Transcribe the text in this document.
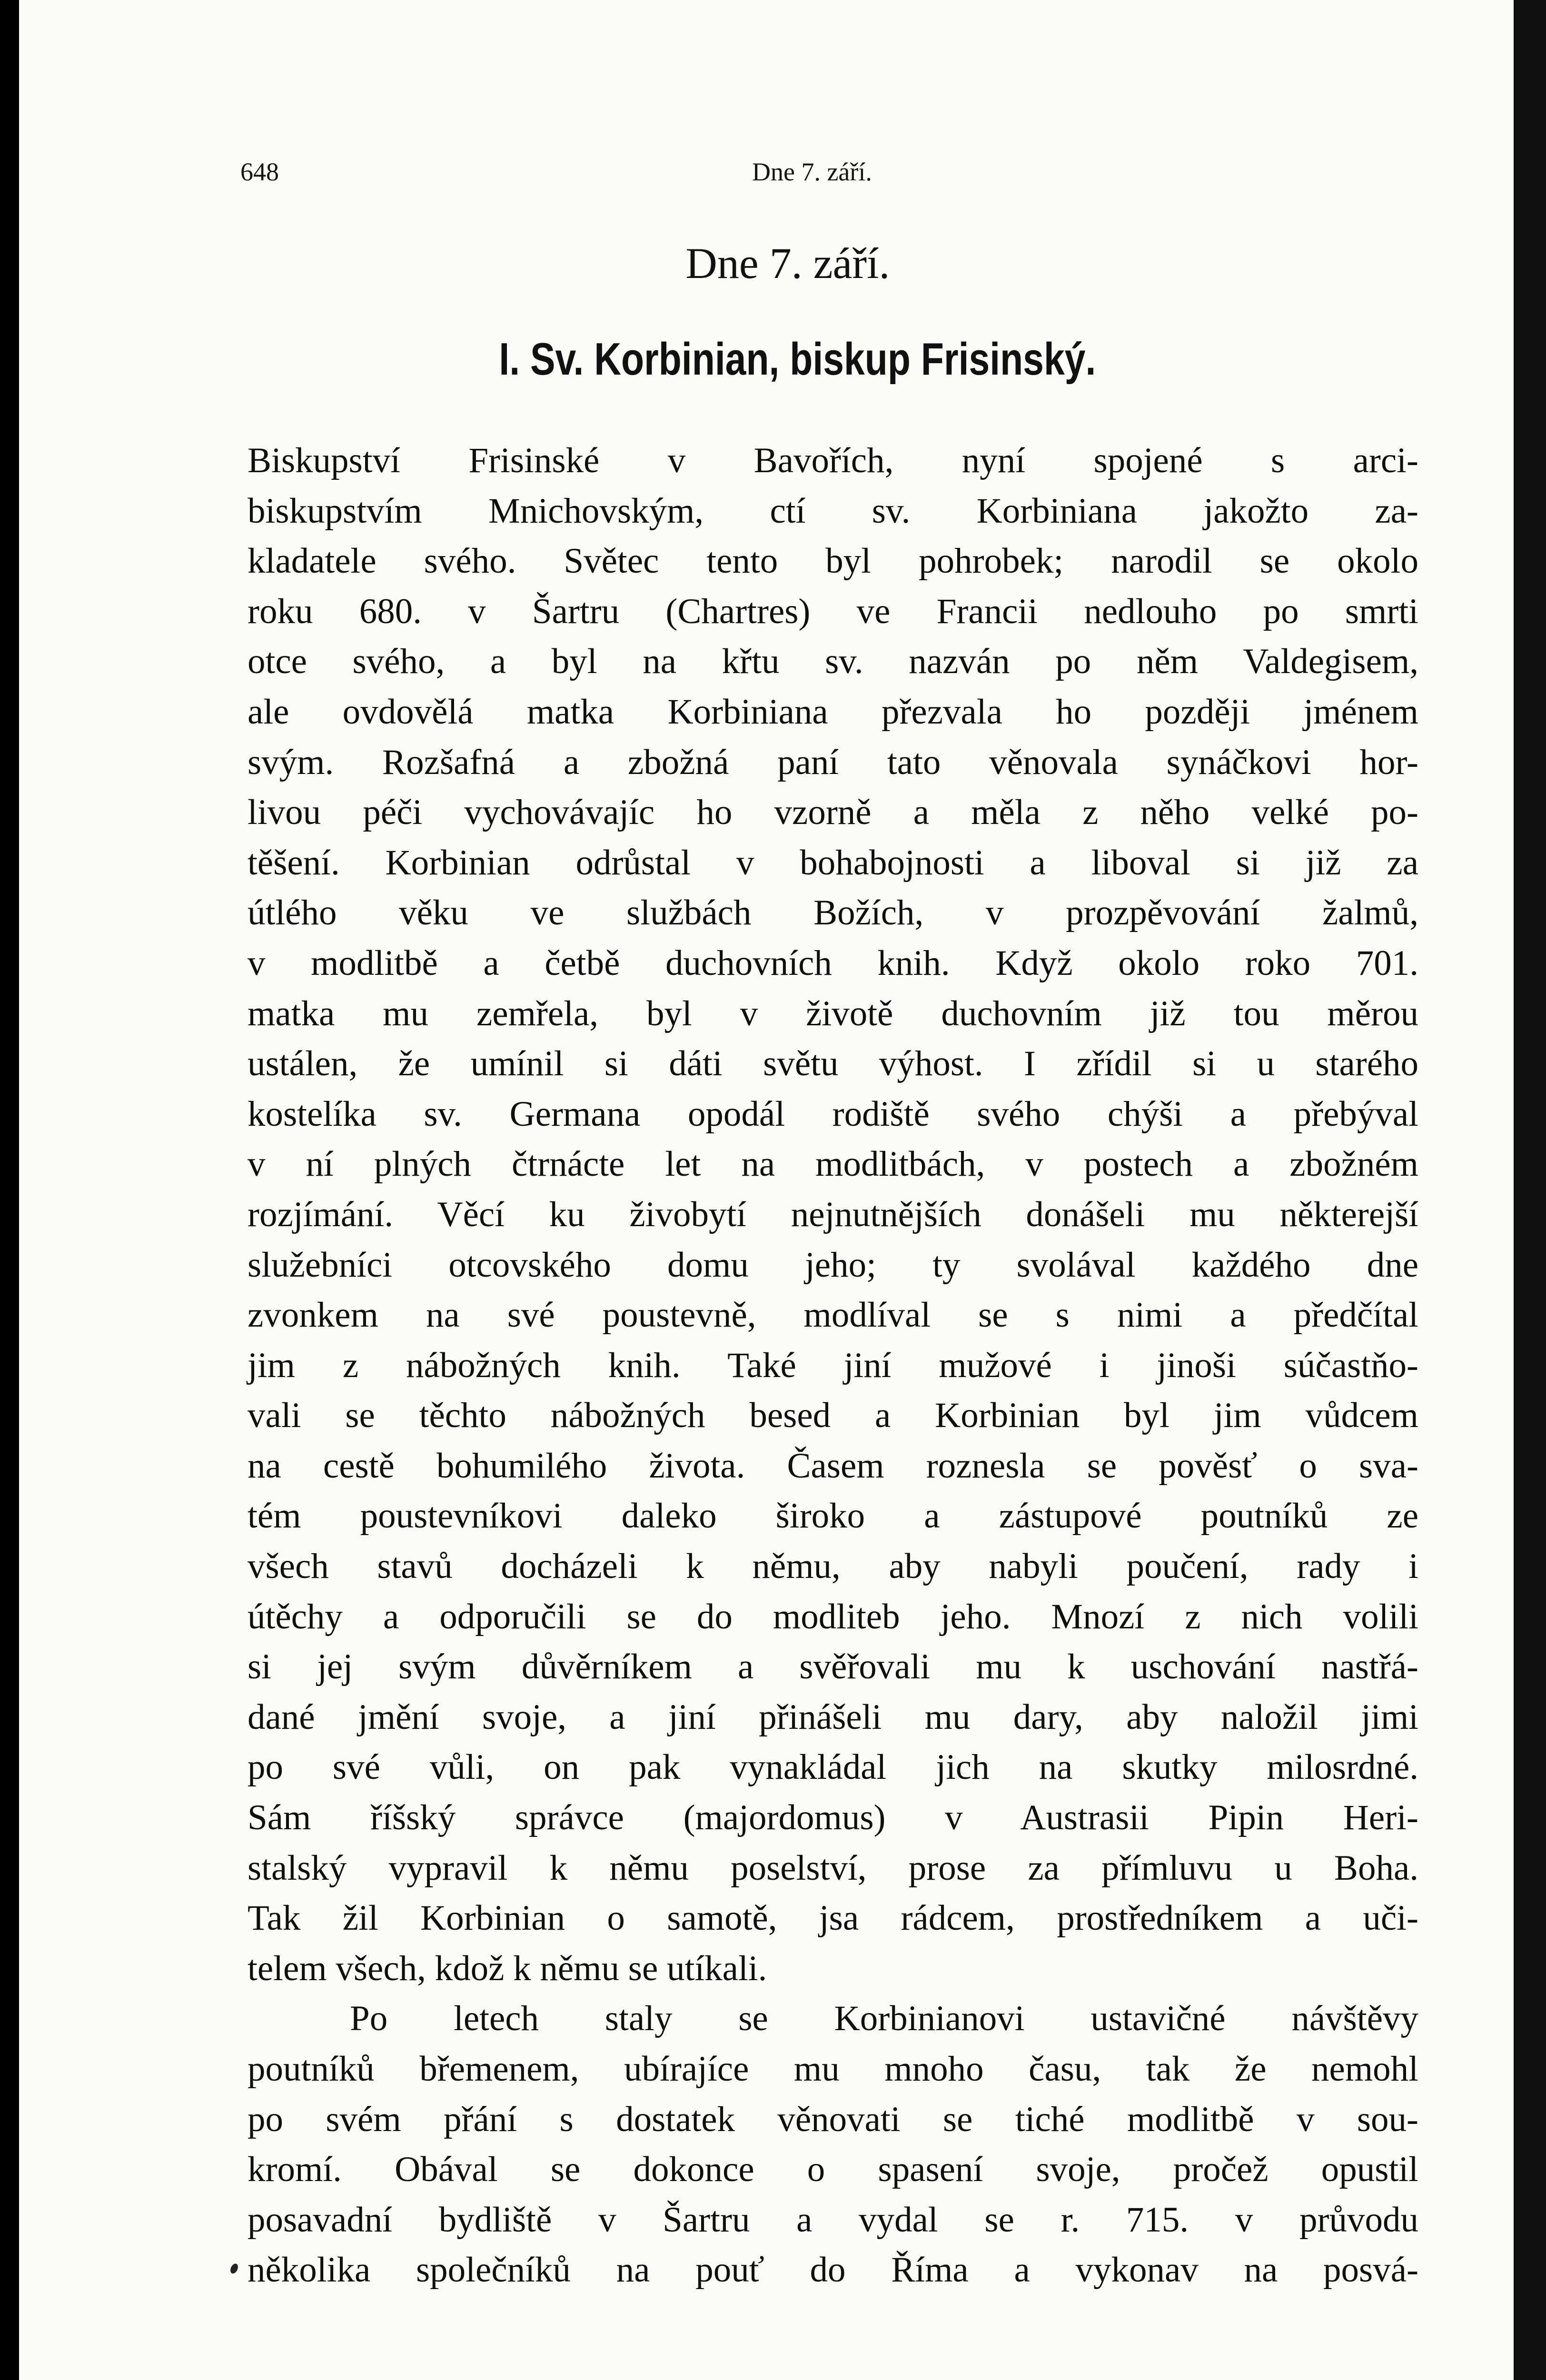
648	Dne 7. září.
Dne 7. září.
I. Sv. Korbinian, biskup Frisinský.

Biskupství Frisinské v Bavořích, nyní spojené s arci-
biskupstvím Mnichovským, ctí sv. Korbiniana jakožto za-
kladatele svého. Světec tento byl pohrobek; narodil se okolo
roku 680. v Šartru (Chartres) ve Francii nedlouho po smrti
otce svého, a byl na křtu sv. nazván po něm Valdegisem,
ale ovdovělá matka Korbiniana přezvala ho později jménem
svým. Rozšafná a zbožná paní tato věnovala synáčkovi hor-
livou péči vychovávajíc ho vzorně a měla z něho velké po-
těšení. Korbinian odrůstal v bohabojnosti a liboval si již za
útlého věku ve službách Božích, v prozpěvování žalmů,
v modlitbě a četbě duchovních knih. Když okolo roko 701.
matka mu zemřela, byl v životě duchovním již tou měrou
ustálen, že umínil si dáti světu výhost. I zřídil si u starého
kostelíka sv. Germana opodál rodiště svého chýši a přebýval
v ní plných čtrnácte let na modlitbách, v postech a zbožném
rozjímání. Věcí ku živobytí nejnutnějších donášeli mu některejší
služebníci otcovského domu jeho; ty svolával každého dne
zvonkem na své poustevně, modlíval se s nimi a předčítal
jim z nábožných knih. Také jiní mužové i jinoši súčastňo-
vali se těchto nábožných besed a Korbinian byl jim vůdcem
na cestě bohumilého života. Časem roznesla se pověsť o sva-
tém poustevníkovi daleko široko a zástupové poutníků ze
všech stavů docházeli k němu, aby nabyli poučení, rady i
útěchy a odporučili se do modliteb jeho. Mnozí z nich volili
si jej svým důvěrníkem a svěřovali mu k uschování nastřá-
dané jmění svoje, a jiní přinášeli mu dary, aby naložil jimi
po své vůli, on pak vynakládal jich na skutky milosrdné.
Sám říšský správce (majordomus) v Austrasii Pipin Heri-
stalský vypravil k němu poselství, prose za přímluvu u Boha.
Tak žil Korbinian o samotě, jsa rádcem, prostředníkem a uči-
telem všech, kdož k němu se utíkali.

Po letech staly se Korbinianovi ustavičné návštěvy
poutníků břemenem, ubírajíce mu mnoho času, tak že nemohl
po svém přání s dostatek věnovati se tiché modlitbě v sou-
kromí. Obával se dokonce o spasení svoje, pročež opustil
posavadní bydliště v Šartru a vydal se r. 715. v průvodu
několika společníků na pouť do Říma a vykonav na posvá-
